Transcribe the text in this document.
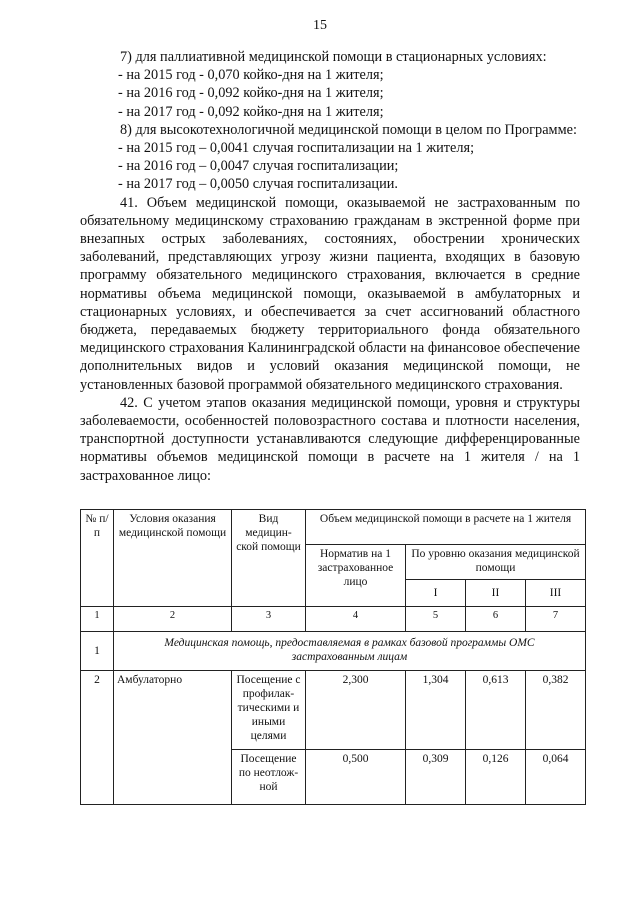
15

7) для паллиативной медицинской помощи в стационарных условиях:

- на 2015 год - 0,070 койко-дня на 1 жителя;

- на 2016 год - 0,092 койко-дня на 1 жителя;

- на 2017 год - 0,092 койко-дня на 1 жителя;

8) для высокотехнологичной медицинской помощи в целом по Программе:

- на 2015 год – 0,0041 случая госпитализации на 1 жителя;

- на 2016 год – 0,0047 случая госпитализации;

- на 2017 год – 0,0050 случая госпитализации.

41. Объем медицинской помощи, оказываемой не застрахованным по обязательному медицинскому страхованию гражданам в экстренной форме при внезапных острых заболеваниях, состояниях, обострении хронических заболеваний, представляющих угрозу жизни пациента, входящих в базовую программу обязательного медицинского страхования, включается в средние нормативы объема медицинской помощи, оказываемой в амбулаторных и стационарных условиях, и обеспечивается за счет ассигнований областного бюджета, передаваемых бюджету территориального фонда обязательного медицинского страхования Калининградской области на финансовое обеспечение дополнительных видов и условий оказания медицинской помощи, не установленных базовой программой обязательного медицинского страхования.

42. С учетом этапов оказания медицинской помощи, уровня и структуры заболеваемости, особенностей половозрастного состава и плотности населения, транспортной доступности устанавливаются следующие дифференцированные нормативы объемов медицинской помощи в расчете на 1 жителя / на 1 застрахованное лицо:

№ п/п	Условия оказания медицинской помощи	Вид медицин-ской помощи	Объем медицинской помощи в расчете на 1 жителя			
			Норматив на 1 застрахованное лицо	По уровню оказания медицинской помощи		
				I	II	III
1	2	3	4	5	6	7
1	Медицинская помощь, предоставляемая в рамках базовой программы ОМС застрахованным лицам					
2	Амбулаторно	Посещение с профилак-тическими и иными целями	2,300	1,304	0,613	0,382
		Посещение по неотлож-ной	0,500	0,309	0,126	0,064
